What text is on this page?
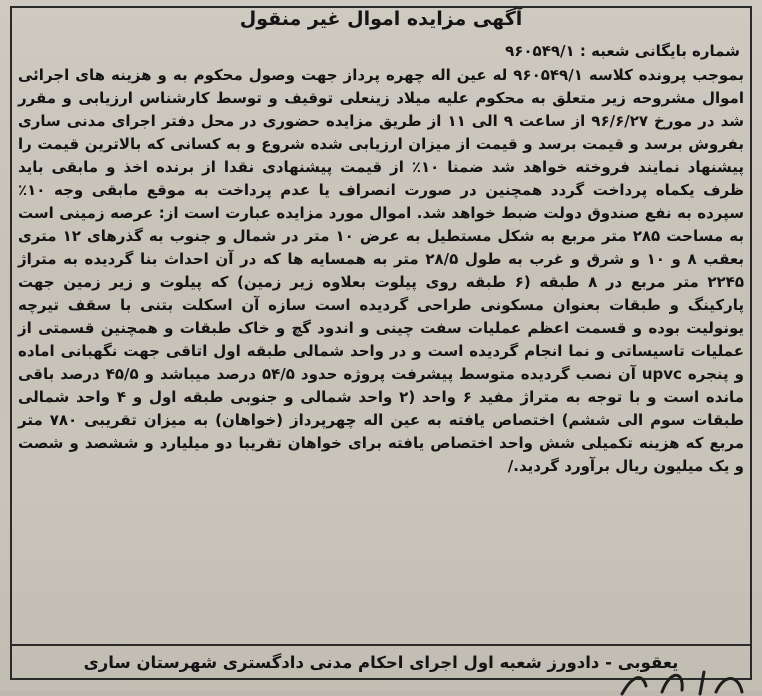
آگهی مزایده اموال غیر منقول
شماره بایگانی شعبه : ۹۶۰۵۴۹/۱

بموجب پرونده کلاسه ۹۶۰۵۴۹/۱ له عین اله چهره پرداز جهت وصول محکوم به و هزینه های اجرائی اموال مشروحه زیر متعلق به محکوم علیه میلاد زینعلی توقیف و توسط کارشناس ارزیابی و مقرر شد در مورخ ۹۶/۶/۲۷ از ساعت ۹ الی ۱۱ از طریق مزایده حضوری در محل دفتر اجرای مدنی ساری بفروش برسد و قیمت برسد و قیمت از میزان ارزیابی شده شروع و به کسانی که بالاترین قیمت را پیشنهاد نمایند فروخته خواهد شد ضمنا ۱۰٪ از قیمت پیشنهادی نقدا از برنده اخذ و مابقی باید ظرف یکماه پرداخت گردد همچنین در صورت انصراف یا عدم پرداخت به موقع مابقی وجه ۱۰٪ سپرده به نفع صندوق دولت ضبط خواهد شد. اموال مورد مزایده عبارت است از: عرصه زمینی است به مساحت ۲۸۵ متر مربع به شکل مستطیل به عرض ۱۰ متر در شمال و جنوب به گذرهای ۱۲ متری بعقب ۸ و ۱۰ و شرق و غرب به طول ۲۸/۵ متر به همسایه ها که در آن احداث بنا گردیده به متراژ ۲۲۴۵ متر مربع در ۸ طبقه (۶ طبقه روی پیلوت بعلاوه زیر زمین) که پیلوت و زیر زمین جهت پارکینگ و طبقات بعنوان مسکونی طراحی گردیده است سازه آن اسکلت بتنی با سقف تیرچه یونولیت بوده و قسمت اعظم عملیات سفت چینی و اندود گچ و خاک طبقات و همچنین قسمتی از عملیات تاسیساتی و نما انجام گردیده است و در واحد شمالی طبقه اول اتاقی جهت نگهبانی اماده و پنجره upvc آن نصب گردیده متوسط پیشرفت پروژه حدود ۵۴/۵ درصد میباشد و ۴۵/۵ درصد باقی مانده است و با توجه به متراژ مفید ۶ واحد (۲ واحد شمالی و جنوبی طبقه اول و ۴ واحد شمالی طبقات سوم الی ششم) اختصاص یافته به عین اله چهرپرداز (خواهان) به میزان تقریبی ۷۸۰ متر مربع که هزینه تکمیلی شش واحد اختصاص یافته برای خواهان تقریبا دو میلیارد و ششصد و شصت و یک میلیون ریال برآورد گردید./

یعقوبی - دادورز شعبه اول اجرای احکام مدنی دادگستری شهرستان ساری
